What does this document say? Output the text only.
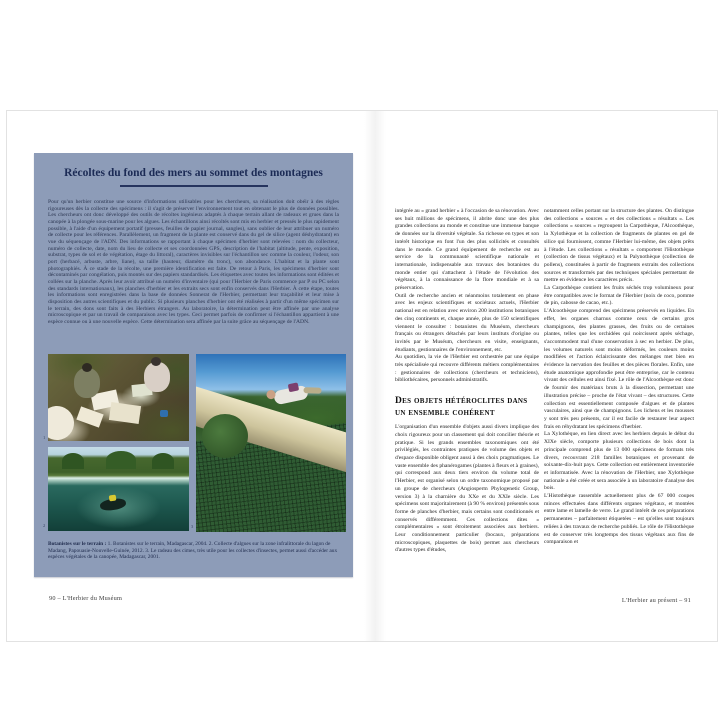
Récoltes du fond des mers au sommet des montagnes
Pour qu'un herbier constitue une source d'informations utilisables pour les chercheurs, sa réalisation doit obéir à des règles rigoureuses dès la collecte des spécimens : il s'agit de préserver l'environnement tout en obtenant le plus de données possibles. Les chercheurs ont donc développé des outils de récoltes ingénieux adaptés à chaque terrain allant de radeaux et grues dans la canopée à la plongée sous-marine pour les algues. Les échantillons ainsi récoltés sont mis en herbier et pressés le plus rapidement possible, à l'aide d'un équipement portatif (presses, feuilles de papier journal, sangles), sans oublier de leur attribuer un numéro de collecte pour les références. Parallèlement, un fragment de la plante est conservé dans du gel de silice (agent déshydratant) en vue du séquençage de l'ADN. Des informations se rapportant à chaque spécimen d'herbier sont relevées : nom du collecteur, numéro de collecte, date, nom du lieu de collecte et ses coordonnées GPS, description de l'habitat (altitude, pente, exposition, substrat, types de sol et de végétation, étage du littoral), caractères invisibles sur l'échantillon sec comme la couleur, l'odeur, son port (herbacé, arbuste, arbre, liane), sa taille (hauteur, diamètre du tronc), son abondance. L'habitat et la plante sont photographiés. À ce stade de la récolte, une première identification est faite. De retour à Paris, les spécimens d'herbier sont décontaminés par congélation, puis montés sur des papiers standardisés. Les étiquettes avec toutes les informations sont éditées et collées sur la planche. Après leur avoir attribué un numéro d'inventaire (qui pour l'Herbier de Paris commence par P ou PC selon des standards internationaux), les planches d'herbier et les extraits secs sont enfin conservés dans l'Herbier. À cette étape, toutes les informations sont enregistrées dans la base de données Sonnerat de l'Herbier, permettant leur traçabilité et leur mise à disposition des autres scientifiques et du public. Si plusieurs planches d'herbier ont été réalisées à partir d'un même spécimen sur le terrain, des dons sont faits à des Herbiers étrangers. Au laboratoire, la détermination peut être affinée par une analyse microscopique et par un travail de comparaison avec les types. Ceci permet parfois de confirmer si l'échantillon appartient à une espèce connue ou à une nouvelle espèce. Cette détermination sera affinée par la suite grâce au séquençage de l'ADN.
1
2	3
Botanistes sur le terrain : 1. Botanistes sur le terrain, Madagascar, 2004. 2. Collecte d'algues sur la zone infralittorale du lagon de Madang, Papouasie-Nouvelle-Guinée, 2012. 3. Le radeau des cimes, très utile pour les collectes d'insectes, permet aussi d'accéder aux espèces végétales de la canopée, Madagascar, 2001.
90 – L'Herbier du Muséum

intégrée au « grand herbier » à l'occasion de sa rénovation. Avec ses huit millions de spécimens, il abrite donc une des plus grandes collections au monde et constitue une immense banque de données sur la diversité végétale. Sa richesse en types et son intérêt historique en font l'un des plus sollicités et consultés dans le monde. Ce grand équipement de recherche est au service de la communauté scientifique nationale et internationale, indispensable aux travaux des botanistes du monde entier qui s'attachent à l'étude de l'évolution des végétaux, à la connaissance de la flore mondiale et à sa préservation.

Outil de recherche ancien et néanmoins totalement en phase avec les enjeux scientifiques et sociétaux actuels, l'Herbier national est en relation avec environ 200 institutions botaniques des cinq continents et, chaque année, plus de 150 scientifiques viennent le consulter : botanistes du Muséum, chercheurs français ou étrangers détachés par leurs instituts d'origine ou invités par le Muséum, chercheurs en visite, enseignants, étudiants, gestionnaires de l'environnement, etc.

Au quotidien, la vie de l'Herbier est orchestrée par une équipe très spécialisée qui recouvre différents métiers complémentaires : gestionnaires de collections (chercheurs et techniciens), bibliothécaires, personnels administratifs.

Des objets hétéroclites dans
un ensemble cohérent

L'organisation d'un ensemble d'objets aussi divers implique des choix rigoureux pour un classement qui doit concilier théorie et pratique. Si les grands ensembles taxonomiques ont été privilégiés, les contraintes pratiques de volume des objets et d'espace disponible obligent aussi à des choix pragmatiques. Le vaste ensemble des phanérogames (plantes à fleurs et à graines), qui correspond aux deux tiers environ du volume total de l'Herbier, est organisé selon un ordre taxonomique proposé par un groupe de chercheurs (Angiosperm Phylogenetic Group, version 3) à la charnière du XXe et du XXIe siècle. Les spécimens sont majoritairement (à 90 % environ) présentés sous forme de planches d'herbier, mais certains sont conditionnés et conservés différemment. Ces collections dites « complémentaires » sont étroitement associées aux herbiers. Leur conditionnement particulier (bocaux, préparations microscopiques, plaquettes de bois) permet aux chercheurs d'autres types d'études,

notamment celles portant sur la structure des plantes. On distingue des collections « sources » et des collections « résultats ». Les collections « sources » regroupent la Carpothèque, l'Alcoothèque, la Xylothèque et la collection de fragments de plantes en gel de silice qui fournissent, comme l'Herbier lui-même, des objets prêts à l'étude. Les collections « résultats » comportent l'Histothèque (collection de tissus végétaux) et la Palynothèque (collection de pollens), constituées à partir de fragments extraits des collections sources et transformés par des techniques spéciales permettant de mettre en évidence les caractères précis.

La Carpothèque contient les fruits séchés trop volumineux pour être compatibles avec le format de l'Herbier (noix de coco, pomme de pin, cabosse de cacao, etc.).

L'Alcoothèque comprend des spécimens préservés en liquides. En effet, les organes charnus comme ceux de certains gros champignons, des plantes grasses, des fruits ou de certaines plantes, telles que les orchidées qui noircissent après séchage, s'accommodent mal d'une conservation à sec en herbier. De plus, les volumes naturels sont moins déformés, les couleurs moins modifiées et l'action éclaircissante des mélanges met bien en évidence la nervation des feuilles et des pièces florales. Enfin, une étude anatomique approfondie peut être entreprise, car le contenu vivant des cellules est ainsi fixé. Le rôle de l'Alcoothèque est donc de fournir des matériaux bruts à la dissection, permettant une illustration précise – proche de l'état vivant – des structures. Cette collection est essentiellement composée d'algues et de plantes vasculaires, ainsi que de champignons. Les lichens et les mousses y sont très peu présents, car il est facile de restaurer leur aspect frais en réhydratant les spécimens d'herbier.

La Xylothèque, en lien direct avec les herbiers depuis le début du XIXe siècle, comporte plusieurs collections de bois dont la principale comprend plus de 13 000 spécimens de formats très divers, recouvrant 218 familles botaniques et provenant de soixante-dix-huit pays. Cette collection est entièrement inventoriée et informatisée. Avec la rénovation de l'Herbier, une Xylothèque nationale a été créée et sera associée à un laboratoire d'analyse des bois.

L'Histothèque rassemble actuellement plus de 67 000 coupes minces effectuées dans différents organes végétaux, et montées entre lame et lamelle de verre. Le grand intérêt de ces préparations permanentes – parfaitement étiquetées – est qu'elles sont toujours reliées à des travaux de recherche publiés. Le rôle de l'Histothèque est de conserver très longtemps des tissus végétaux aux fins de comparaison et

L'Herbier au présent – 91
